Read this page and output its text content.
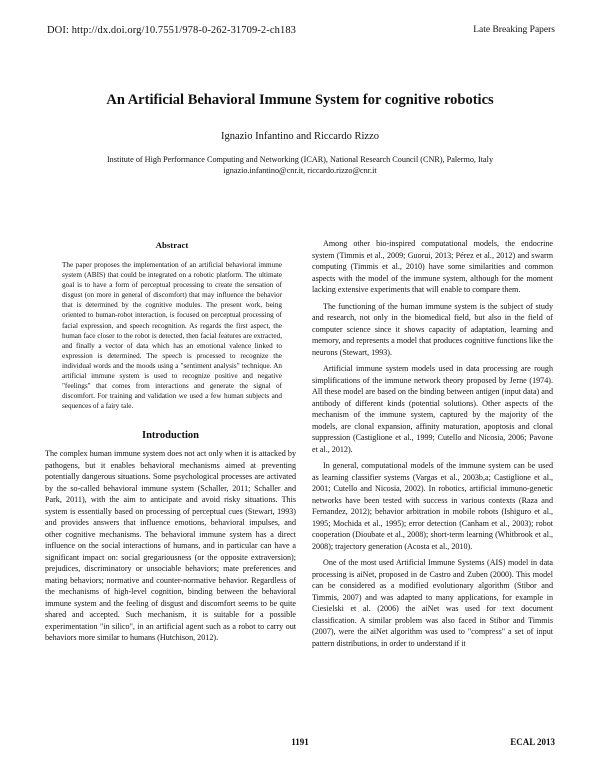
DOI: http://dx.doi.org/10.7551/978-0-262-31709-2-ch183	Late Breaking Papers
An Artificial Behavioral Immune System for cognitive robotics
Ignazio Infantino and Riccardo Rizzo
Institute of High Performance Computing and Networking (ICAR), National Research Council (CNR), Palermo, Italy
ignazio.infantino@cnr.it, riccardo.rizzo@cnr.it
Abstract

The paper proposes the implementation of an artificial behavioral immune system (ABIS) that could be integrated on a robotic platform. The ultimate goal is to have a form of perceptual processing to create the sensation of disgust (on more in general of discomfort) that may influence the behavior that is determined by the cognitive modules. The present work, being oriented to human-robot interaction, is focused on perceptual processing of facial expression, and speech recognition. As regards the first aspect, the human face closer to the robot is detected, then facial features are extracted, and finally a vector of data which has an emotional valence linked to expression is determined. The speech is processed to recognize the individual words and the moods using a "sentiment analysis" technique. An artificial immune system is used to recognize positive and negative "feelings" that comes from interactions and generate the signal of discomfort. For training and validation we used a few human subjects and sequences of a fairy tale.

Introduction

The complex human immune system does not act only when it is attacked by pathogens, but it enables behavioral mechanisms aimed at preventing potentially dangerous situations. Some psychological processes are activated by the so-called behavioral immune system (Schaller, 2011; Schaller and Park, 2011), with the aim to anticipate and avoid risky situations. This system is essentially based on processing of perceptual cues (Stewart, 1993) and provides answers that influence emotions, behavioral impulses, and other cognitive mechanisms. The behavioral immune system has a direct influence on the social interactions of humans, and in particular can have a significant impact on: social gregariousness (or the opposite extraversion); prejudices, discriminatory or unsociable behaviors; mate preferences and mating behaviors; normative and counter-normative behavior. Regardless of the mechanisms of high-level cognition, binding between the behavioral immune system and the feeling of disgust and discomfort seems to be quite shared and accepted. Such mechanism, it is suitable for a possible experimentation "in silico", in an artificial agent such as a robot to carry out behaviors more similar to humans (Hutchison, 2012).

Among other bio-inspired computational models, the endocrine system (Timmis et al., 2009; Guorui, 2013; Pérez et al., 2012) and swarm computing (Timmis et al., 2010) have some similarities and common aspects with the model of the immune system, although for the moment lacking extensive experiments that will enable to compare them.

The functioning of the human immune system is the subject of study and research, not only in the biomedical field, but also in the field of computer science since it shows capacity of adaptation, learning and memory, and represents a model that produces cognitive functions like the neurons (Stewart, 1993).

Artificial immune system models used in data processing are rough simplifications of the immune network theory proposed by Jerne (1974). All these model are based on the binding between antigen (input data) and antibody of different kinds (potential solutions). Other aspects of the mechanism of the immune system, captured by the majority of the models, are clonal expansion, affinity maturation, apoptosis and clonal suppression (Castiglione et al., 1999; Cutello and Nicosia, 2006; Pavone et al., 2012).

In general, computational models of the immune system can be used as learning classifier systems (Vargas et al., 2003b,a; Castiglione et al., 2001; Cutello and Nicosia, 2002). In robotics, artificial immuno-genetic networks have been tested with success in various contexts (Raza and Fernandez, 2012); behavior arbitration in mobile robots (Ishiguro et al., 1995; Mochida et al., 1995); error detection (Canham et al., 2003); robot cooperation (Dioubate et al., 2008); short-term learning (Whitbrook et al., 2008); trajectory generation (Acosta et al., 2010).

One of the most used Artificial Immune Systems (AIS) model in data processing is aiNet, proposed in de Castro and Zuben (2000). This model can be considered as a modified evolutionary algorithm (Stibor and Timmis, 2007) and was adapted to many applications, for example in Ciesielski et al. (2006) the aiNet was used for text document classification. A similar problem was also faced in Stibor and Timmis (2007), were the aiNet algorithm was used to "compress" a set of input pattern distributions, in order to understand if it

1191	ECAL 2013
